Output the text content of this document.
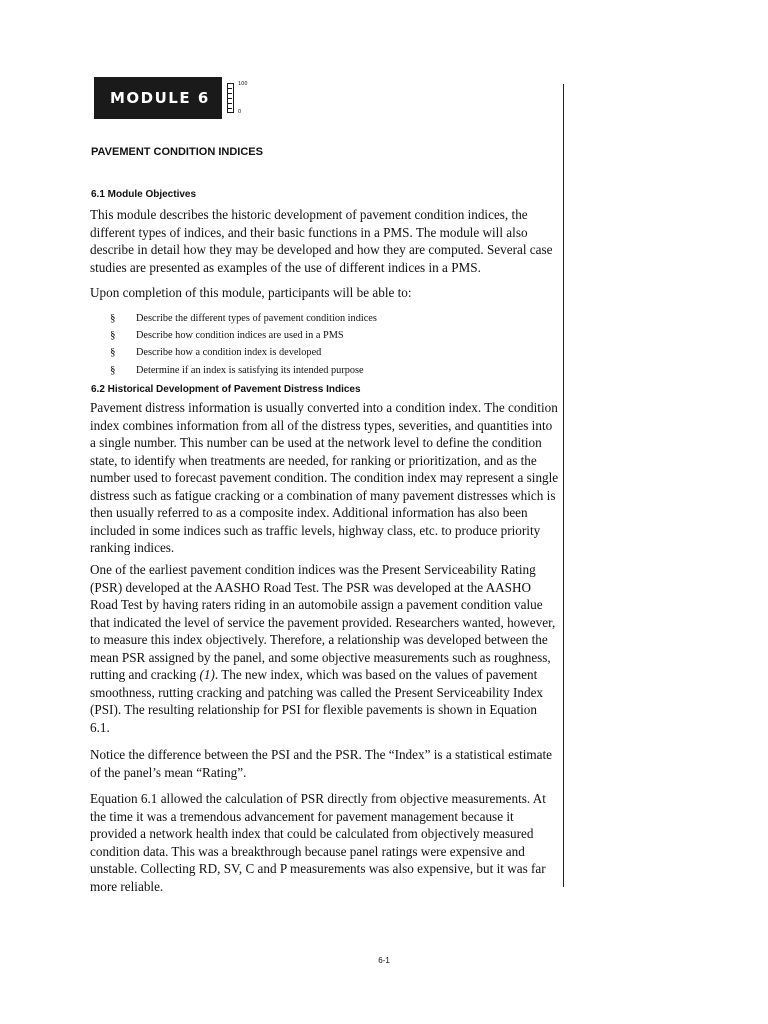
MODULE 6
100
0
PAVEMENT CONDITION INDICES
6.1 Module Objectives

This module describes the historic development of pavement condition indices, the different types of indices, and their basic functions in a PMS. The module will also describe in detail how they may be developed and how they are computed. Several case studies are presented as examples of the use of different indices in a PMS.

Upon completion of this module, participants will be able to:

§	Describe the different types of pavement condition indices
§	Describe how condition indices are used in a PMS
§	Describe how a condition index is developed
§	Determine if an index is satisfying its intended purpose
6.2 Historical Development of Pavement Distress Indices

Pavement distress information is usually converted into a condition index. The condition index combines information from all of the distress types, severities, and quantities into a single number. This number can be used at the network level to define the condition state, to identify when treatments are needed, for ranking or prioritization, and as the number used to forecast pavement condition. The condition index may represent a single distress such as fatigue cracking or a combination of many pavement distresses which is then usually referred to as a composite index. Additional information has also been included in some indices such as traffic levels, highway class, etc. to produce priority ranking indices.

One of the earliest pavement condition indices was the Present Serviceability Rating (PSR) developed at the AASHO Road Test. The PSR was developed at the AASHO Road Test by having raters riding in an automobile assign a pavement condition value that indicated the level of service the pavement provided. Researchers wanted, however, to measure this index objectively. Therefore, a relationship was developed between the mean PSR assigned by the panel, and some objective measurements such as roughness, rutting and cracking (1). The new index, which was based on the values of pavement smoothness, rutting cracking and patching was called the Present Serviceability Index (PSI). The resulting relationship for PSI for flexible pavements is shown in Equation 6.1.

Notice the difference between the PSI and the PSR. The “Index” is a statistical estimate of the panel’s mean “Rating”.

Equation 6.1 allowed the calculation of PSR directly from objective measurements. At the time it was a tremendous advancement for pavement management because it provided a network health index that could be calculated from objectively measured condition data. This was a breakthrough because panel ratings were expensive and unstable. Collecting RD, SV, C and P measurements was also expensive, but it was far more reliable.

6-1
